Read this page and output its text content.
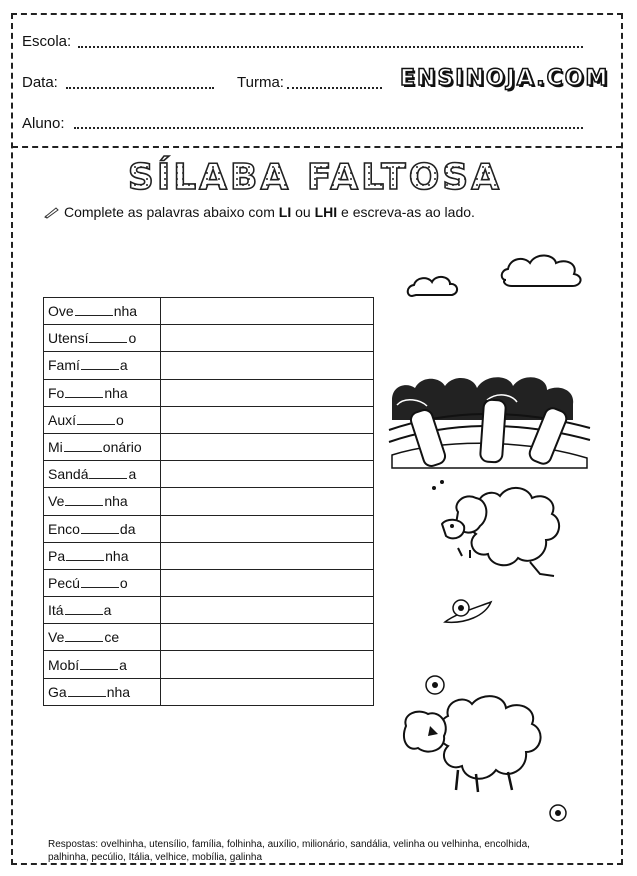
Escola:
Data:	Turma:	ENSINOJA.COM
Aluno:
SÍLABA FALTOSA
Complete as palavras abaixo com LI ou LHI e escreva-as ao lado.
Ove nha	
Utensí o	
Famí a	
Fo nha	
Auxí o	
Mi onário	
Sandá a	
Ve nha	
Enco da	
Pa nha	
Pecú o	
Itá a	
Ve ce	
Mobí a	
Ga nha	
Respostas: ovelhinha, utensílio, família, folhinha, auxílio, milionário, sandália, velinha ou velhinha, encolhida,
palhinha, pecúlio, Itália, velhice, mobília, galinha
